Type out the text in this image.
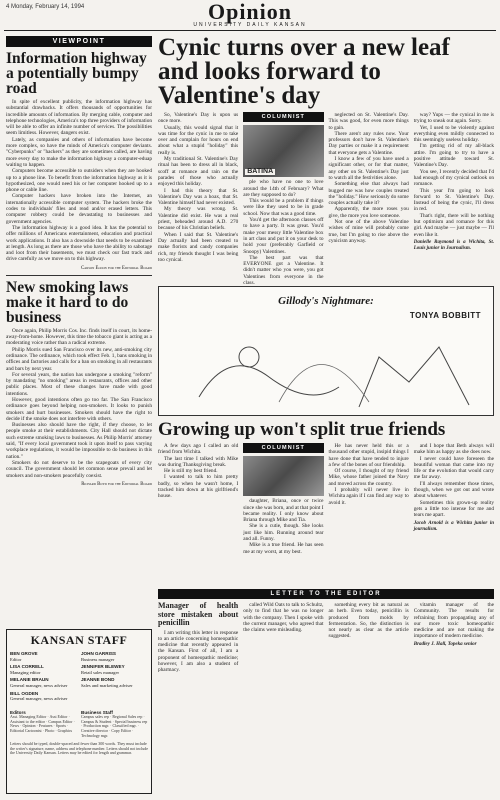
4 Monday, February 14, 1994	Opinion
UNIVERSITY DAILY KANSAN
VIEWPOINT
Information highway a potentially bumpy road

In spite of excellent publicity, the information highway has substantial drawbacks. It offers thousands of opportunities for incredible amounts of information. By merging cable, computer and telephone technologies, America's top three providers of information will be able to offer an infinite number of services. The possibilities seem limitless. However, dangers exist.

Lately, as companies and others of information have become more complex, so have the minds of America's computer deviants. "Cyberpunks" or "hackers" as they are sometimes called, are having more every day to make the information highway a computer-eduap waiting to happen.

Computers become accessible to outsiders when they are hooked up to a phone line. To benefit from the information highway as it is hypothesized, one would need his or her computer hooked up to a phone or cable line.

Computer hackers have broken into the Internet, an internationally accessible computer system. The hackers broke the codes to individuals' files and read and/or erased letters. This computer robbery could be devastating to businesses and government agencies.

The information highway is a good idea. It has the potential to offer millions of Americans entertainment, education and practical work applications. It also has a downside that needs to be examined at length. As long as there are those who have the ability to sabotage and loot from their basements, we must check our fast track and drive carefully as we move on to this highway.

Carson Eldon for the Editorial Board
New smoking laws make it hard to do business

Once again, Philip Morris Cos. Inc. finds itself in court, its home-away-from-home. However, this time the tobacco giant is acting as a moderating voice rather than a radical extreme.

Philip Morris sued San Francisco over its new, anti-smoking city ordinance. The ordinance, which took effect Feb. 1, bans smoking in offices and factories and calls for a ban on smoking in all restaurants and bars by next year.

For several years, the nation has undergone a smoking "reform" by mandating "no smoking" areas in restaurants, offices and other public places. Most of these changes have made with good intentions.

However, good intentions often go too far. The San Francisco ordinance goes beyond helping non-smokers. It looks to punish smokers and hurt businesses. Smokers should have the right to decide if the smoke does not interfere with others.

Businesses also should have the right, if they choose, to let people smoke at their establishments. City Hall should not dictate such extreme smoking laws to businesses. As Philip Morris' attorney said, "If every local government took it upon itself to pass varying workplace regulations, it would be impossible to do business in this nation."

Smokers do not deserve to be the scapegoats of every city council. The government should let common sense prevail and let smokers and non-smokers peacefully coexist.

Richard Boyd for the Editorial Board
KANSAN STAFF
BEN GROVE
Editor
JOHN GARRISS
Business manager
LISA CORRELL
Managing editor
JENNIFER BLEWEY
Retail sales manager
MELANIE BRAUN
General manager, news adviser
JEANNE BOND
Sales and marketing adviser
BILL OGDEN
General manager, news adviser
Editors
Asst. Managing Editor · Asst Editor · Assistant to the editor · Campus Editor · News · Opinion · Features · Sports · Editorial Cartoonist · Photo · Graphics
Business Staff
Campus sales rep · Regional Sales rep · Campus & Student · Special business rep · Production mgr. · Classified mgr. · Creative director · Copy Editor · Technology mgr.
Letters should be typed, double-spaced and fewer than 300 words. They must include the writer's signature, name, address and telephone number. Letters should not include the University Daily Kansan. Letters may be edited for length and grammar.
Cynic turns over a new leaf and looks forward to Valentine's day

So, Valentine's Day is upon us once more.

Usually, this would signal that it was time for the cynic in me to take over and complain for hours on end about what a stupid "holiday" this really is.

My traditional St. Valentine's Day ritual has been to dress all in black, scoff at romance and rain on the parades of those who actually enjoyed this holiday.

I had this theory that St. Valentine's Day was a hoax, that St. Valentine himself had never existed.

My theory was wrong. St. Valentine did exist. He was a real priest, beheaded around A.D. 270 because of his Christian beliefs.

When I said that St. Valentine's Day actually had been created to make florists and candy companies rich, my friends thought I was being too cynical.

COLUMNIST
BATINA

ple who have no one to love around the 14th of February? What are they supposed to do?

This would be a problem if things were like they used to be in grade school. Now that was a good time.

You'd get the afternoon classes off to have a party. It was great. You'd make your messy little Valentine box in art class and put it on your desk to hold your (preferably Garfield or Snoopy) Valentines.

The best part was that EVERYONE got a Valentine. It didn't matter who you were, you got Valentines from everyone in the class.

neglected on St. Valentine's Day. This was good, for even more things to gain.

There aren't any rules now. Your professors don't have St. Valentine's Day parties or make it a requirement that everyone gets a Valentine.

I know a few of you have used a significant other, or for that matter, any other on St. Valentine's Day just to watch all the festivities alone.

Something else that always had bugged me was how couples treated the "holiday." How seriously do some couples actually take it?

Apparently, the more roses you give, the more you love someone.

Not one of the above Valentine wishes of mine will probably come true, but I'm going to rise above the cynicism anyway.

way? Yups — the cynical in me is trying to sneak out again. Sorry.

Yet, I used to be violently against everything even mildly connected to this seemingly useless holiday.

I'm getting rid of my all-black attire. I'm going to try to have a positive attitude toward St. Valentine's Day.

You see, I recently decided that I'd had enough of my cynical outlook on romance.

This year I'm going to look forward to St. Valentine's Day. Instead of being the cynic, I'll dress in red.

That's right, there will be nothing but optimism and romance for this girl. And maybe — just maybe — I'll even like it.

Danielle Raymond is a Wichita, St. Louis junior in Journalism.
Gillody's Nightmare:
TONYA BOBBITT
Growing up won't split true friends

A few days ago I called an old friend from Wichita.

The last time I talked with Mike was during Thanksgiving break.

He is still my best friend.

I wanted to talk to him pretty badly, so when he wasn't home, I tracked him down at his girlfriend's house.

COLUMNIST

daughter, Briana, once or twice since she was born, and at that point I became reality. I only know about Briana through Mike and Tia.

She is a cutie, though. She looks just like him. Running around tear and all. Funny.

Mike is a true friend. He has seen me at my worst, at my best.

He has never held this or a thousand other stupid, insipid things I have done that have tended to injure a few of the bones of our friendship.

Of course, I thought of my friend Mike, whose father joined the Navy and moved across the country.

I probably will never live in Wichita again if I can find any way to avoid it.

and I hope that Beth always will make him as happy as she does now.

I never could have foreseen the beautiful woman that came into my life or the evolution that would carry me far away.

I'll always remember those times, though, when we got out and wrote about whatever.

Sometimes this grown-up reality gets a little too intense for me and tears me apart.

Jacob Arnold is a Wichita junior in journalism.
LETTER TO THE EDITOR
Manager of health store mistaken about penicillin

I am writing this letter in response to an article concerning homeopathic medicine that recently appeared in the Kansan. First of all, I am a proponent of homeopathic medicine; however, I am also a student of pharmacy.

called Wild Oats to talk to Schultz, only to find that he was no longer with the company. Then I spoke with the current manager, who agreed that the claims were misleading.

something every bit as natural as an herb. Even today, penicillin is produced from molds by fermentation. So, the distinction is not nearly as clear as the article suggested.

vitamin manager of the Community. The results for refraining from propagating any of our more toxic homeopathic medicine and are not making the importance of modern medicine.

Bradley J. Hall, Topeka senior
